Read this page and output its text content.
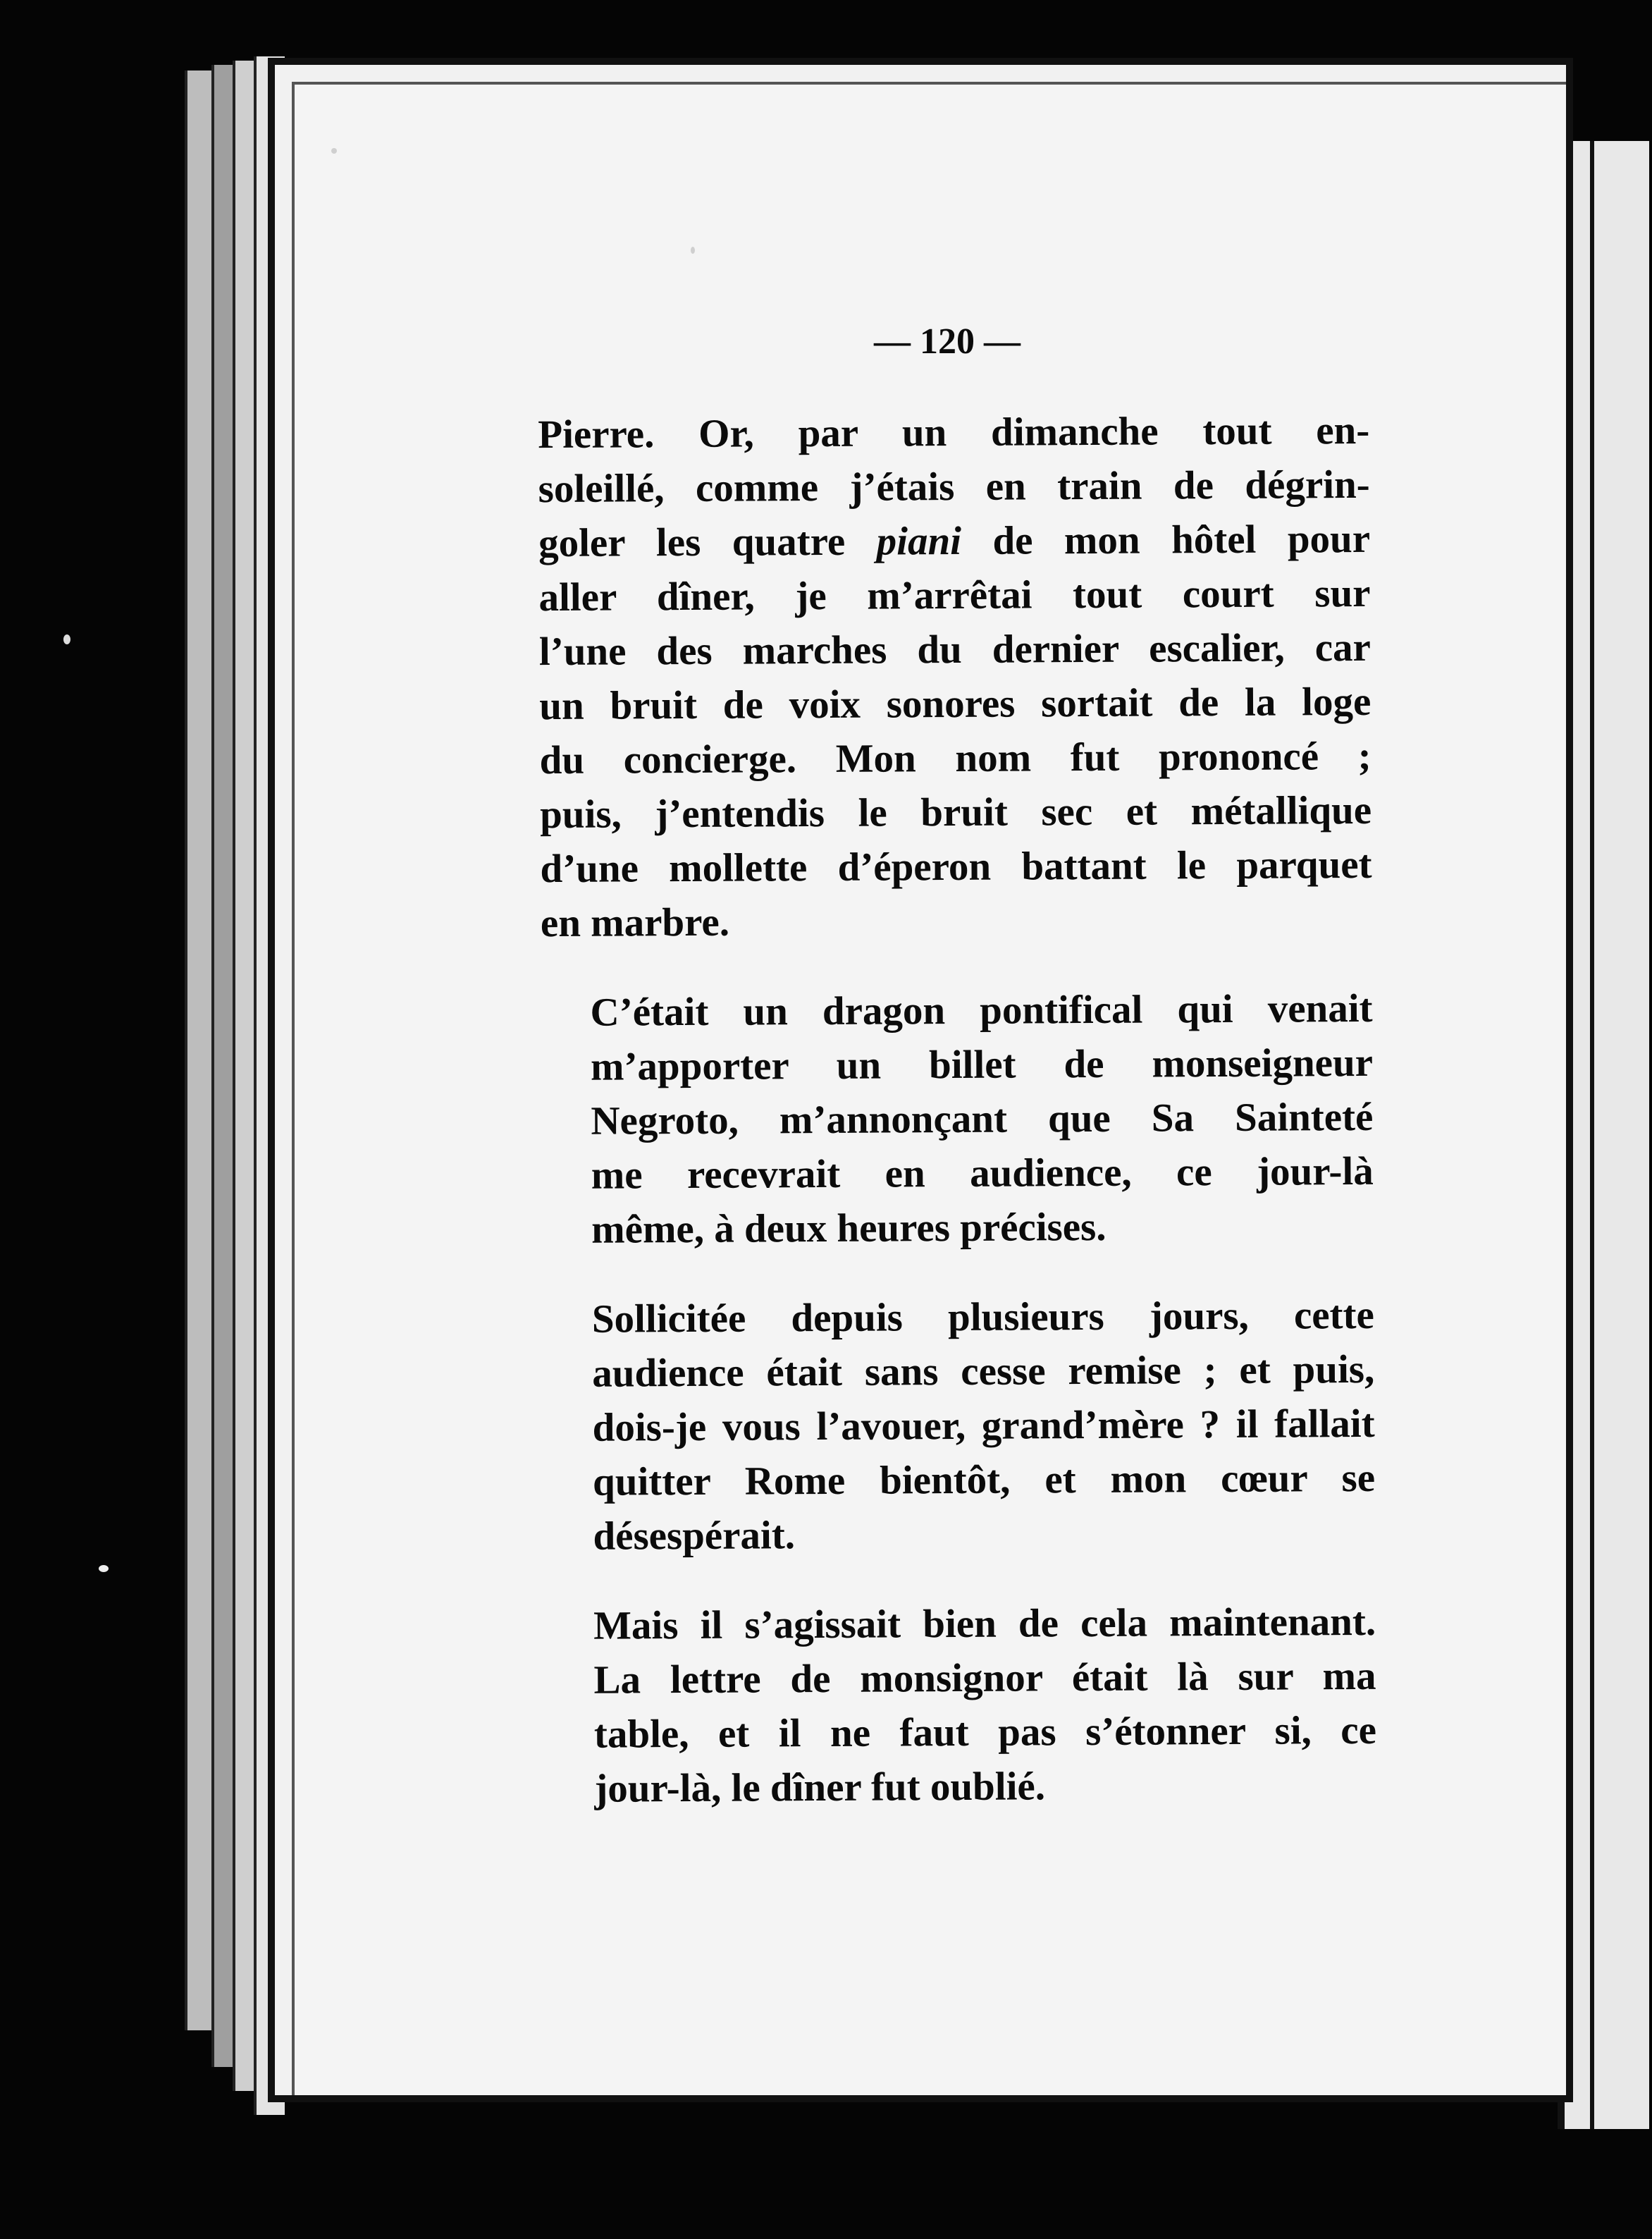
— 120 —

Pierre. Or, par un dimanche tout en-
soleillé, comme j’étais en train de dégrin-
goler les quatre piani de mon hôtel pour
aller dîner, je m’arrêtai tout court sur
l’une des marches du dernier escalier, car
un bruit de voix sonores sortait de la loge
du concierge. Mon nom fut prononcé ;
puis, j’entendis le bruit sec et métallique
d’une mollette d’éperon battant le parquet
en marbre.

C’était un dragon pontifical qui venait
m’apporter un billet de monseigneur
Negroto, m’annonçant que Sa Sainteté
me recevrait en audience, ce jour-là
même, à deux heures précises.

Sollicitée depuis plusieurs jours, cette
audience était sans cesse remise ; et puis,
dois-je vous l’avouer, grand’mère ? il fallait
quitter Rome bientôt, et mon cœur se
désespérait.

Mais il s’agissait bien de cela maintenant.
La lettre de monsignor était là sur ma
table, et il ne faut pas s’étonner si, ce
jour-là, le dîner fut oublié.
